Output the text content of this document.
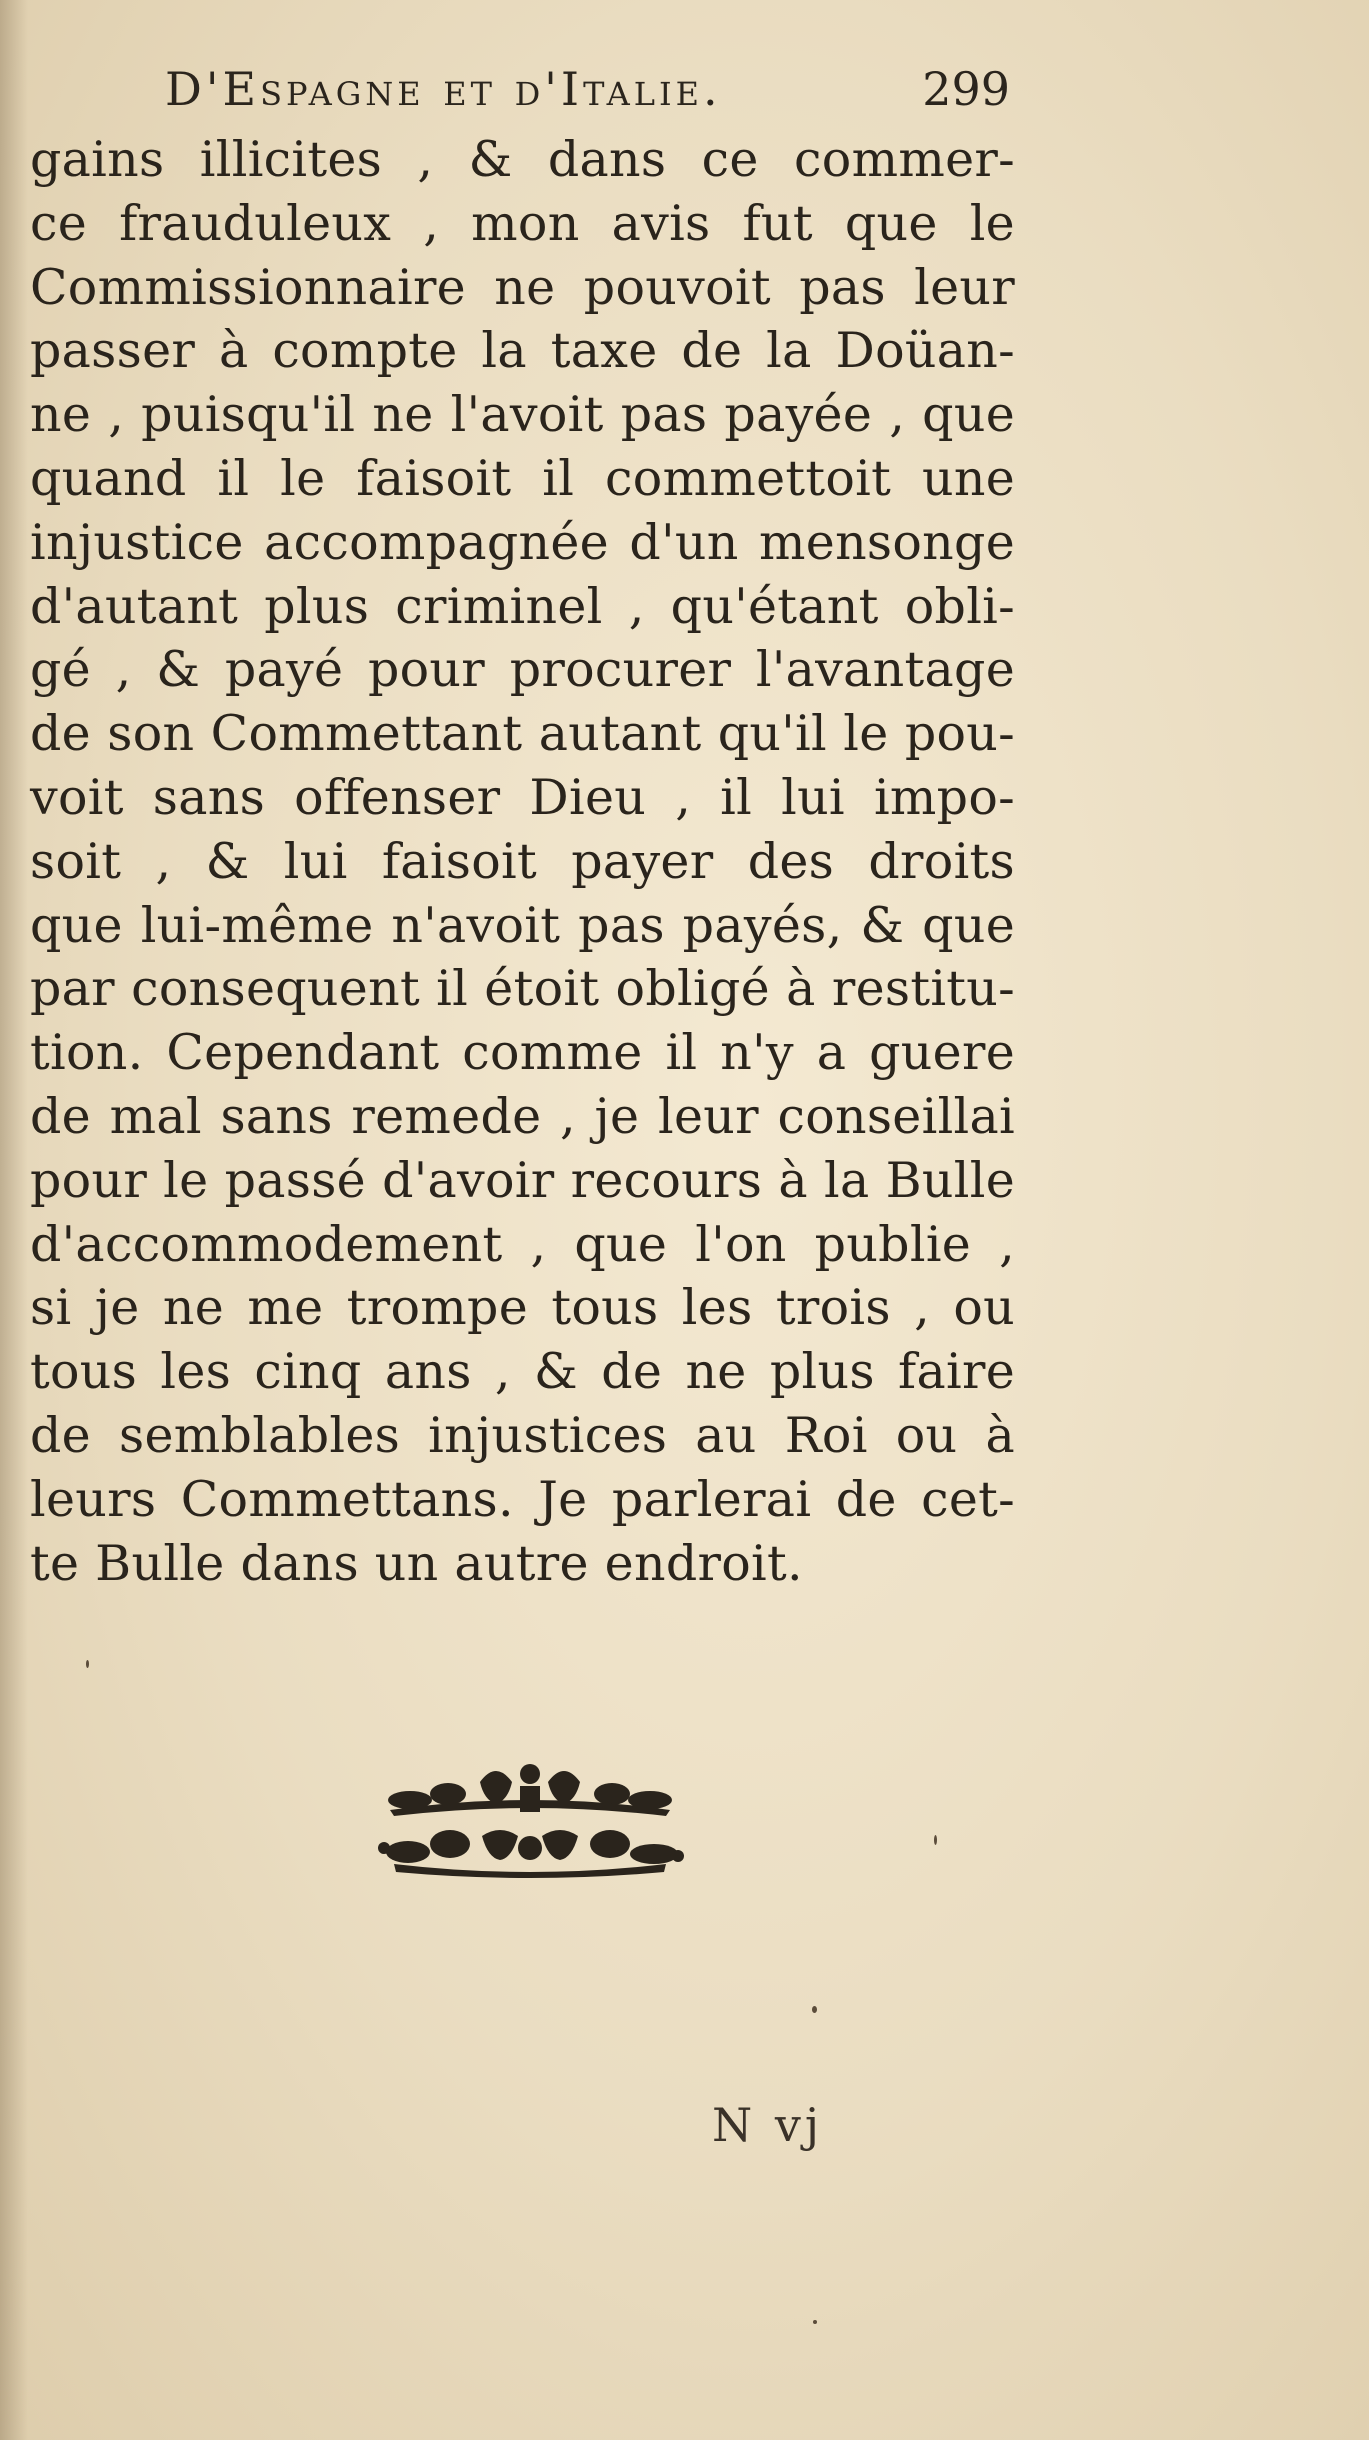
D'Espagne et d'Italie.	299
gains illicites , & dans ce commer-
ce frauduleux , mon avis fut que le
Commissionnaire ne pouvoit pas leur
passer à compte la taxe de la Doüan-
ne , puisqu'il ne l'avoit pas payée , que
quand il le faisoit il commettoit une
injustice accompagnée d'un mensonge
d'autant plus criminel , qu'étant obli-
gé , & payé pour procurer l'avantage
de son Commettant autant qu'il le pou-
voit sans offenser Dieu , il lui impo-
soit , & lui faisoit payer des droits
que lui-même n'avoit pas payés, & que
par consequent il étoit obligé à restitu-
tion. Cependant comme il n'y a guere
de mal sans remede , je leur conseillai
pour le passé d'avoir recours à la Bulle
d'accommodement , que l'on publie ,
si je ne me trompe tous les trois , ou
tous les cinq ans , & de ne plus faire
de semblables injustices au Roi ou à
leurs Commettans. Je parlerai de cet-
te Bulle dans un autre endroit.
N vj
